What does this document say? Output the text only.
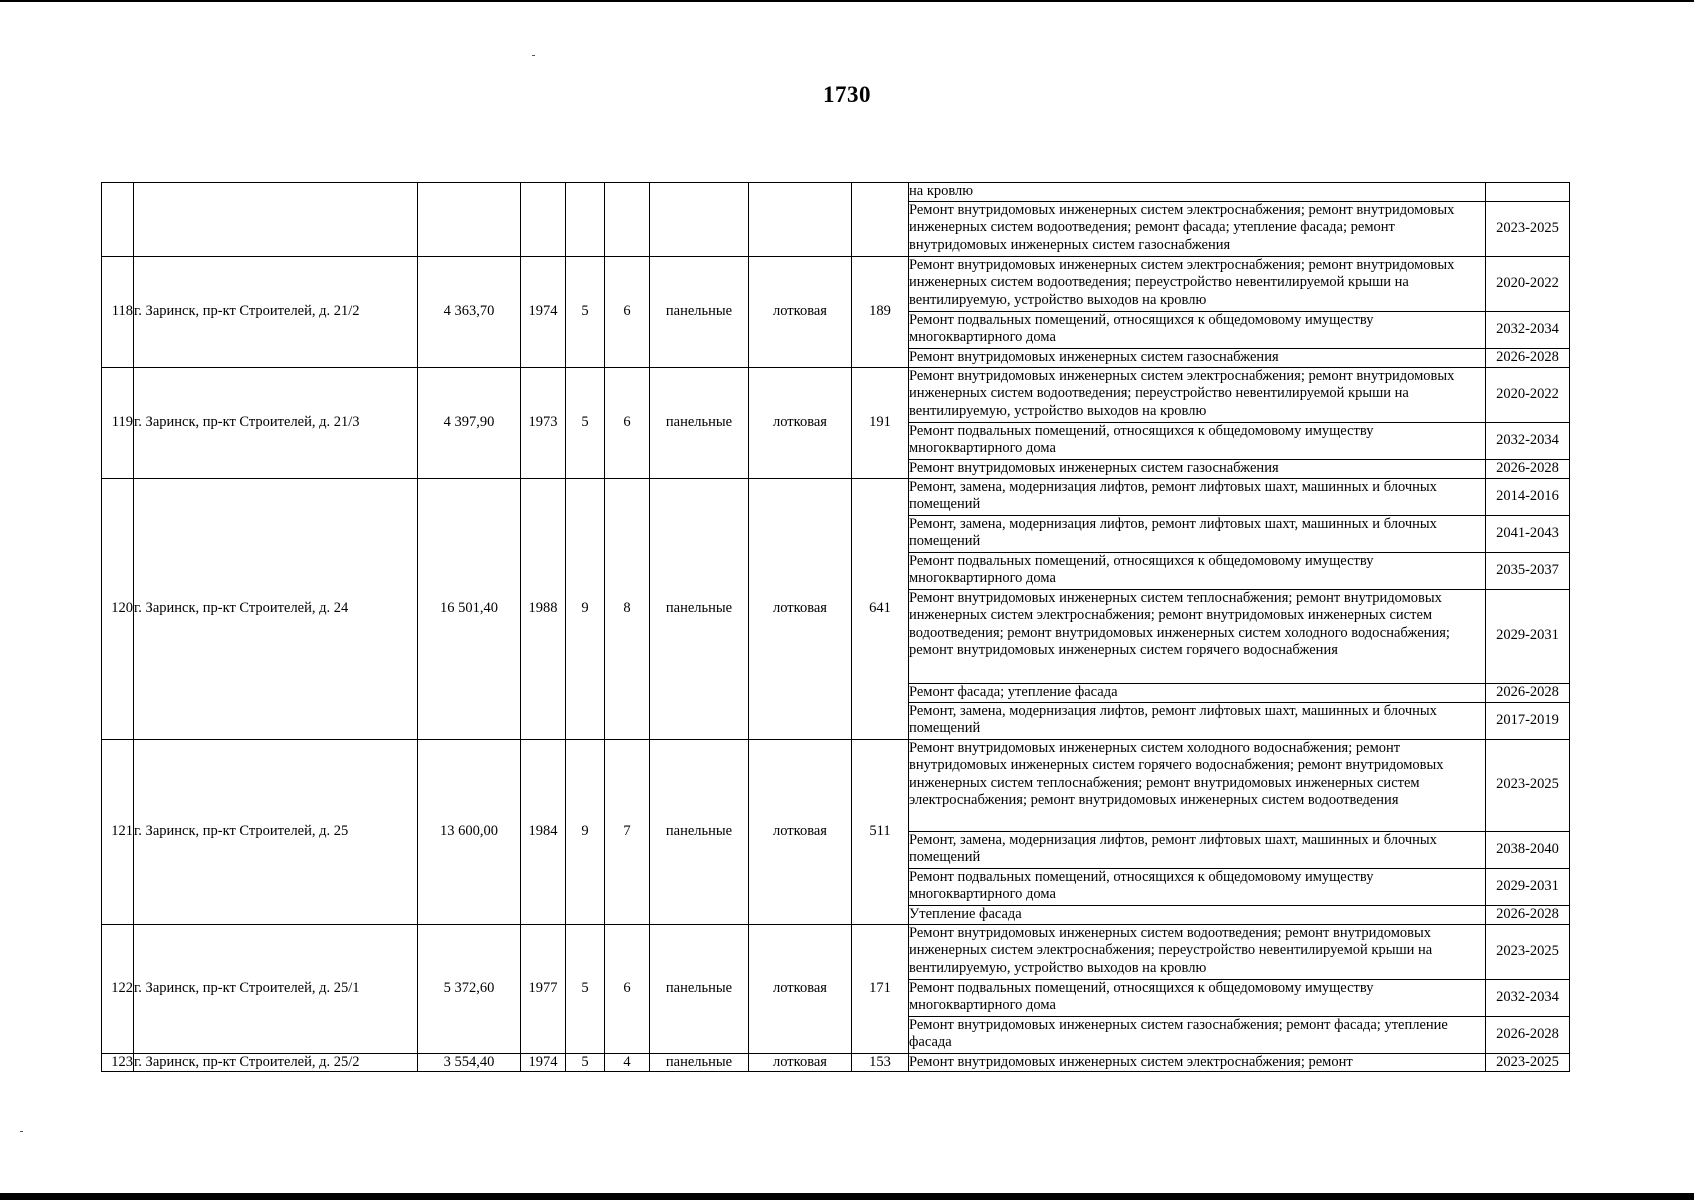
1730
									на кровлю	
									Ремонт внутридомовых инженерных систем электроснабжения; ремонт внутридомовых инженерных систем водоотведения; ремонт фасада; утепление фасада; ремонт внутридомовых инженерных систем газоснабжения	2023-2025
118	г. Заринск, пр-кт Строителей, д. 21/2	4 363,70	1974	5	6	панельные	лотковая	189	Ремонт внутридомовых инженерных систем электроснабжения; ремонт внутридомовых инженерных систем водоотведения; переустройство невентилируемой крыши на вентилируемую, устройство выходов на кровлю	2020-2022
									Ремонт подвальных помещений, относящихся к общедомовому имуществу многоквартирного дома	2032-2034
									Ремонт внутридомовых инженерных систем газоснабжения	2026-2028
119	г. Заринск, пр-кт Строителей, д. 21/3	4 397,90	1973	5	6	панельные	лотковая	191	Ремонт внутридомовых инженерных систем электроснабжения; ремонт внутридомовых инженерных систем водоотведения; переустройство невентилируемой крыши на вентилируемую, устройство выходов на кровлю	2020-2022
									Ремонт подвальных помещений, относящихся к общедомовому имуществу многоквартирного дома	2032-2034
									Ремонт внутридомовых инженерных систем газоснабжения	2026-2028
120	г. Заринск, пр-кт Строителей, д. 24	16 501,40	1988	9	8	панельные	лотковая	641	Ремонт, замена, модернизация лифтов, ремонт лифтовых шахт, машинных и блочных помещений	2014-2016
									Ремонт, замена, модернизация лифтов, ремонт лифтовых шахт, машинных и блочных помещений	2041-2043
									Ремонт подвальных помещений, относящихся к общедомовому имуществу многоквартирного дома	2035-2037
									Ремонт внутридомовых инженерных систем теплоснабжения; ремонт внутридомовых инженерных систем электроснабжения; ремонт внутридомовых инженерных систем водоотведения; ремонт внутридомовых инженерных систем холодного водоснабжения; ремонт внутридомовых инженерных систем горячего водоснабжения	2029-2031
									Ремонт фасада; утепление фасада	2026-2028
									Ремонт, замена, модернизация лифтов, ремонт лифтовых шахт, машинных и блочных помещений	2017-2019
121	г. Заринск, пр-кт Строителей, д. 25	13 600,00	1984	9	7	панельные	лотковая	511	Ремонт внутридомовых инженерных систем холодного водоснабжения; ремонт внутридомовых инженерных систем горячего водоснабжения; ремонт внутридомовых инженерных систем теплоснабжения; ремонт внутридомовых инженерных систем электроснабжения; ремонт внутридомовых инженерных систем водоотведения	2023-2025
									Ремонт, замена, модернизация лифтов, ремонт лифтовых шахт, машинных и блочных помещений	2038-2040
									Ремонт подвальных помещений, относящихся к общедомовому имуществу многоквартирного дома	2029-2031
									Утепление фасада	2026-2028
122	г. Заринск, пр-кт Строителей, д. 25/1	5 372,60	1977	5	6	панельные	лотковая	171	Ремонт внутридомовых инженерных систем водоотведения; ремонт внутридомовых инженерных систем электроснабжения; переустройство невентилируемой крыши на вентилируемую, устройство выходов на кровлю	2023-2025
									Ремонт подвальных помещений, относящихся к общедомовому имуществу многоквартирного дома	2032-2034
									Ремонт внутридомовых инженерных систем газоснабжения; ремонт фасада; утепление фасада	2026-2028
123	г. Заринск, пр-кт Строителей, д. 25/2	3 554,40	1974	5	4	панельные	лотковая	153	Ремонт внутридомовых инженерных систем электроснабжения; ремонт	2023-2025
